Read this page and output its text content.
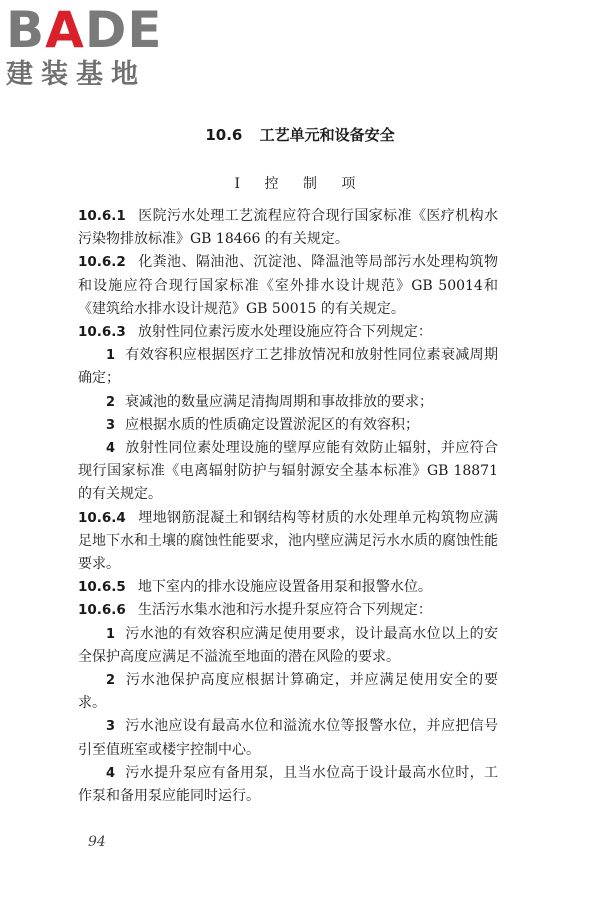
BADE
建装基地
10.6 工艺单元和设备安全
Ⅰ 控 制 项

10.6.1 医院污水处理工艺流程应符合现行国家标准《医疗机构水污染物排放标准》GB 18466 的有关规定。

10.6.2 化粪池、隔油池、沉淀池、降温池等局部污水处理构筑物和设施应符合现行国家标准《室外排水设计规范》GB 50014和《建筑给水排水设计规范》GB 50015 的有关规定。

10.6.3 放射性同位素污废水处理设施应符合下列规定：

1 有效容积应根据医疗工艺排放情况和放射性同位素衰减周期确定；

2 衰减池的数量应满足清掏周期和事故排放的要求；

3 应根据水质的性质确定设置淤泥区的有效容积；

4 放射性同位素处理设施的壁厚应能有效防止辐射，并应符合现行国家标准《电离辐射防护与辐射源安全基本标准》GB 18871 的有关规定。

10.6.4 埋地钢筋混凝土和钢结构等材质的水处理单元构筑物应满足地下水和土壤的腐蚀性能要求，池内壁应满足污水水质的腐蚀性能要求。

10.6.5 地下室内的排水设施应设置备用泵和报警水位。

10.6.6 生活污水集水池和污水提升泵应符合下列规定：

1 污水池的有效容积应满足使用要求，设计最高水位以上的安全保护高度应满足不溢流至地面的潜在风险的要求。

2 污水池保护高度应根据计算确定，并应满足使用安全的要求。

3 污水池应设有最高水位和溢流水位等报警水位，并应把信号引至值班室或楼宇控制中心。

4 污水提升泵应有备用泵，且当水位高于设计最高水位时，工作泵和备用泵应能同时运行。

94
